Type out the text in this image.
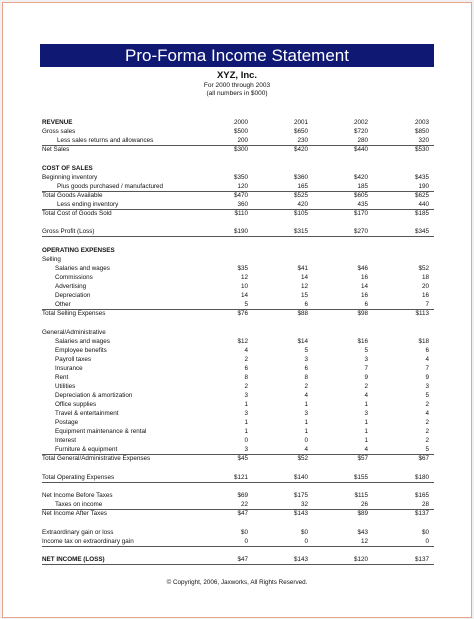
Pro-Forma Income Statement
XYZ, Inc.
For 2000 through 2003
(all numbers in $000)
REVENUE	2000	2001	2002	2003
Gross sales	$500	$650	$720	$850
Less sales returns and allowances	200	230	280	320
Net Sales	$300	$420	$440	$530
COST OF SALES
Beginning inventory	$350	$360	$420	$435
Plus goods purchased / manufactured	120	165	185	190
Total Goods Available	$470	$525	$605	$625
Less ending inventory	360	420	435	440
Total Cost of Goods Sold	$110	$105	$170	$185
Gross Profit (Loss)	$190	$315	$270	$345
OPERATING EXPENSES
Selling
Salaries and wages	$35	$41	$46	$52
Commissions	12	14	16	18
Advertising	10	12	14	20
Depreciation	14	15	16	16
Other	5	6	6	7
Total Selling Expenses	$76	$88	$98	$113
General/Administrative
Salaries and wages	$12	$14	$16	$18
Employee benefits	4	5	5	6
Payroll taxes	2	3	3	4
Insurance	6	6	7	7
Rent	8	8	9	9
Utilities	2	2	2	3
Depreciation & amortization	3	4	4	5
Office supplies	1	1	1	2
Travel & entertainment	3	3	3	4
Postage	1	1	1	2
Equipment maintenance & rental	1	1	1	2
Interest	0	0	1	2
Furniture & equipment	3	4	4	5
Total General/Administrative Expenses	$45	$52	$57	$67
Total Operating Expenses	$121	$140	$155	$180
Net Income Before Taxes	$69	$175	$115	$165
Taxes on income	22	32	26	28
Net Income After Taxes	$47	$143	$89	$137
Extraordinary gain or loss	$0	$0	$43	$0
Income tax on extraordinary gain	0	0	12	0
NET INCOME (LOSS)	$47	$143	$120	$137
© Copyright, 2006, Jaxworks, All Rights Reserved.
